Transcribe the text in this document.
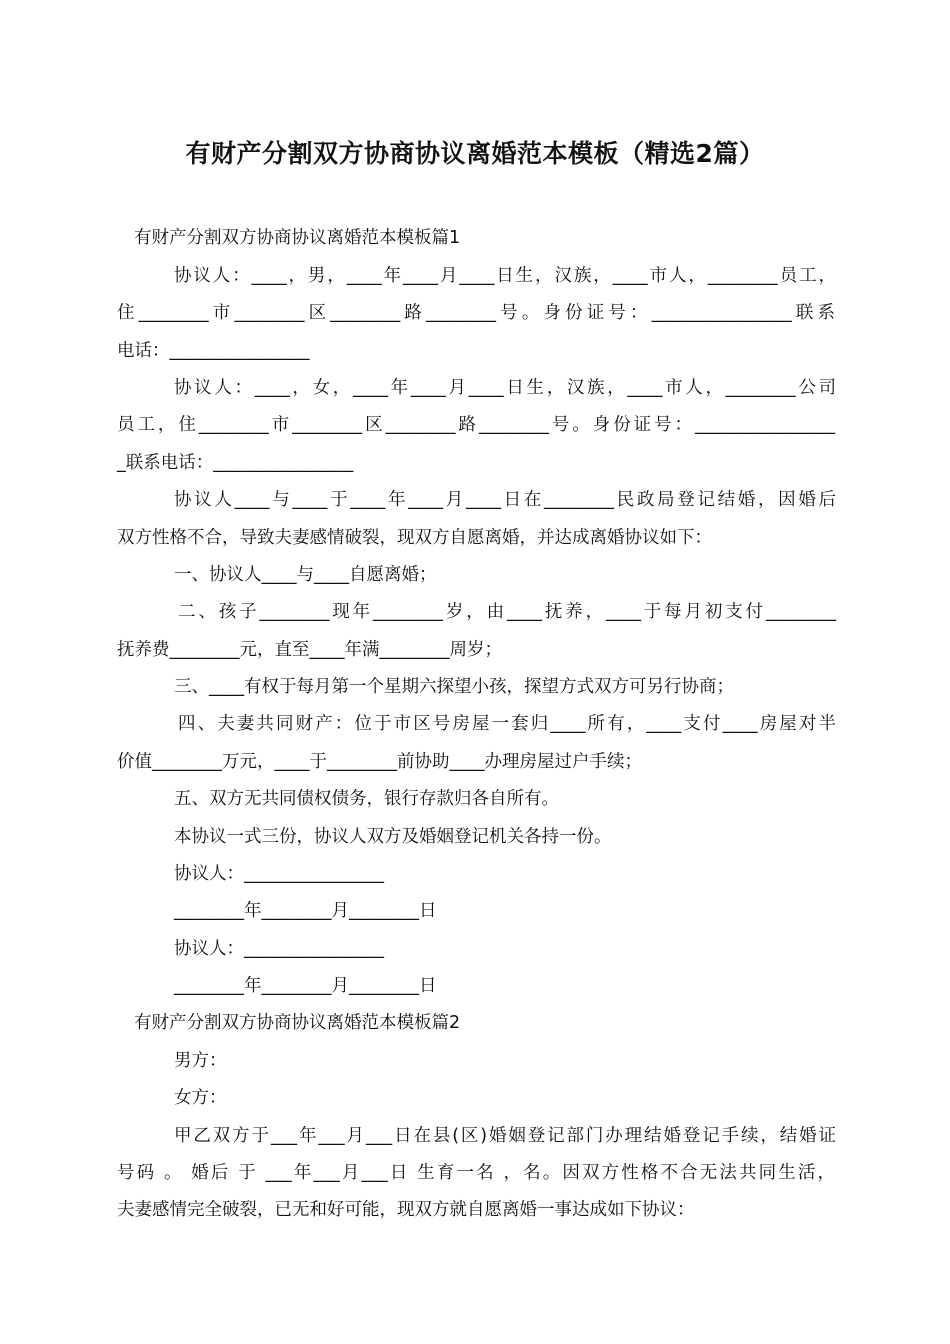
有财产分割双方协商协议离婚范本模板（精选2篇）
有财产分割双方协商协议离婚范本模板篇1
协议人：____，男，____年____月____日生，汉族，____市人，________员工，
住________市________区________路________号。身份证号：________________联系
电话：________________
协议人：____，女，____年____月____日生，汉族，____市人，________公司
员工，住________市________区________路________号。身份证号：________________
_联系电话：________________
协议人____与____于____年____月____日在________民政局登记结婚，因婚后
双方性格不合，导致夫妻感情破裂，现双方自愿离婚，并达成离婚协议如下：
一、协议人____与____自愿离婚；
二、孩子________现年________岁，由____抚养，____于每月初支付________
抚养费________元，直至____年满________周岁；
三、____有权于每月第一个星期六探望小孩，探望方式双方可另行协商；
四、夫妻共同财产：位于市区号房屋一套归____所有，____支付____房屋对半
价值________万元，____于________前协助____办理房屋过户手续；
五、双方无共同债权债务，银行存款归各自所有。
本协议一式三份，协议人双方及婚姻登记机关各持一份。
协议人：________________
________年________月________日
协议人：________________
________年________月________日
有财产分割双方协商协议离婚范本模板篇2
男方：
女方：
甲乙双方于___年___月___日在县(区)婚姻登记部门办理结婚登记手续，结婚证
号码 。 婚后 于 ___年___月___日 生育一名 ，名。因双方性格不合无法共同生活，
夫妻感情完全破裂，已无和好可能，现双方就自愿离婚一事达成如下协议：
